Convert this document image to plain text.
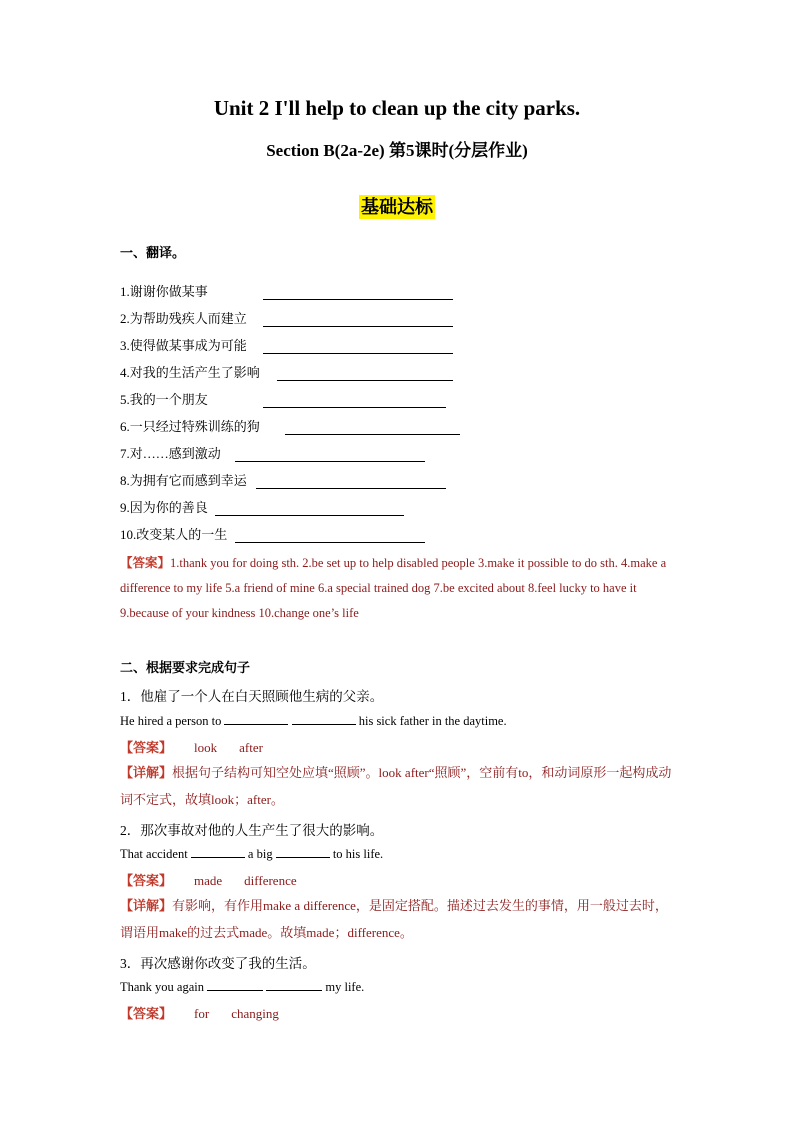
Unit 2 I'll help to clean up the city parks.
Section B(2a-2e) 第5课时(分层作业)
基础达标
一、翻译。
1.谢谢你做某事
2.为帮助残疾人而建立
3.使得做某事成为可能
4.对我的生活产生了影响
5.我的一个朋友
6.一只经过特殊训练的狗
7.对……感到激动
8.为拥有它而感到幸运
9.因为你的善良
10.改变某人的一生
【答案】1.thank you for doing sth. 2.be set up to help disabled people 3.make it possible to do sth. 4.make a difference to my life 5.a friend of mine 6.a special trained dog 7.be excited about 8.feel lucky to have it 9.because of your kindness 10.change one’s life
二、根据要求完成句子
1．他雇了一个人在白天照顾他生病的父亲。
He hired a person to	his sick father in the daytime.
【答案】 look after
【详解】根据句子结构可知空处应填“照顾”。look after“照顾”，空前有to，和动词原形一起构成动词不定式，故填look；after。
2．那次事故对他的人生产生了很大的影响。
That accident	a big	to his life.
【答案】 made difference
【详解】有影响，有作用make a difference，是固定搭配。描述过去发生的事情，用一般过去时，谓语用make的过去式made。故填made；difference。
3．再次感谢你改变了我的生活。
Thank you again	my life.
【答案】 for changing
